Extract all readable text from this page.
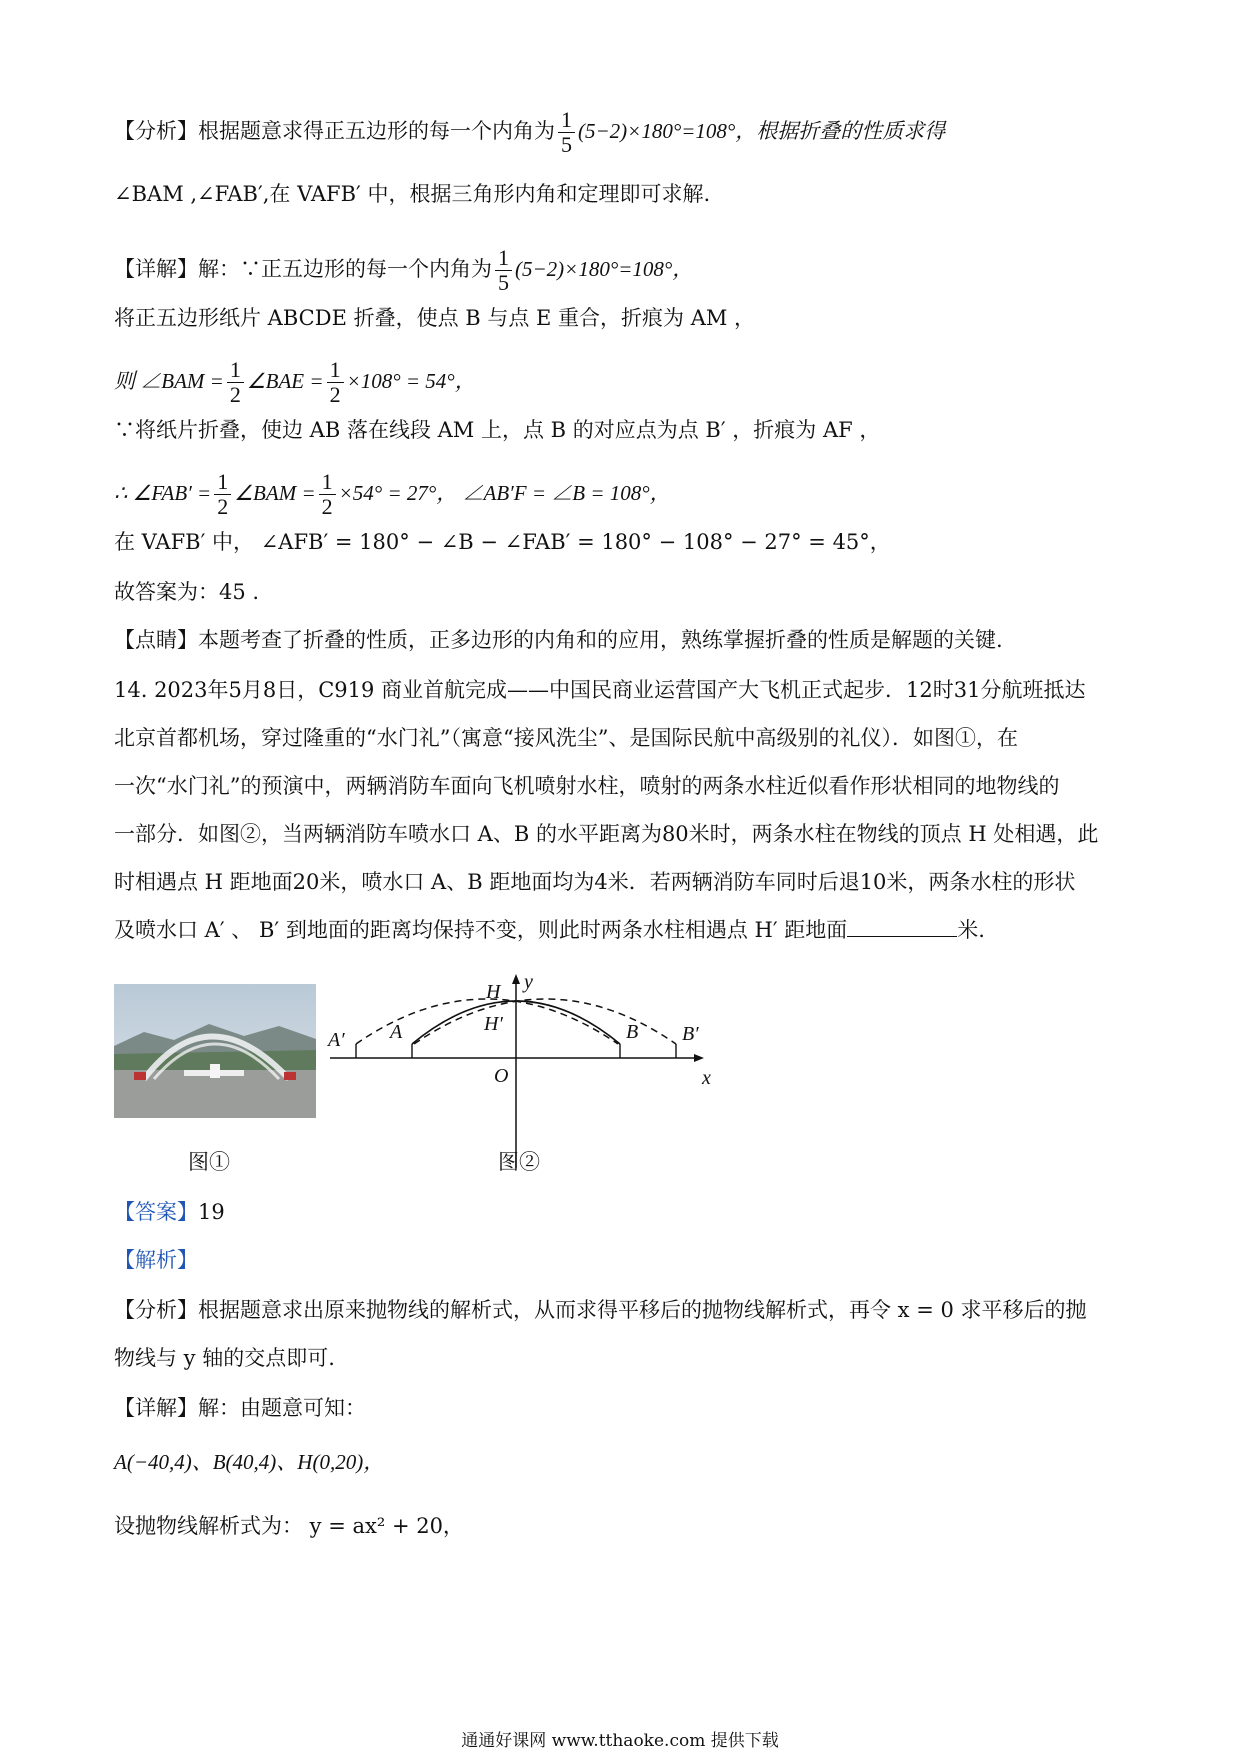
【分析】根据题意求得正五边形的每一个内角为 $\frac{1}{5} (5-2)\times 180^\circ=108^\circ$，根据折叠的性质求得
∠BAM ,∠FAB′,在 VAFB′ 中，根据三角形内角和定理即可求解.
【详解】解：∵正五边形的每一个内角为 $\frac{1}{5} (5-2)\times 180^\circ=108^\circ$，
将正五边形纸片 ABCDE 折叠，使点 B 与点 E 重合，折痕为 AM ，
则 ∠BAM = $\frac{1}{2}$ ∠BAE = $\frac{1}{2} \times 108^\circ = 54^\circ$，
∵将纸片折叠，使边 AB 落在线段 AM 上，点 B 的对应点为点 B′ ，折痕为 AF ，
∴ ∠FAB′ = $\frac{1}{2}$ ∠BAM = $\frac{1}{2} \times 54^\circ = 27^\circ$， ∠AB′F = ∠B = 108°，
在 VAFB′ 中， ∠AFB′ = 180° − ∠B − ∠FAB′ = 180° − 108° − 27° = 45°，
故答案为：45 .
【点睛】本题考查了折叠的性质，正多边形的内角和的应用，熟练掌握折叠的性质是解题的关键.
14. 2023年5月8日，C919 商业首航完成——中国民商业运营国产大飞机正式起步．12时31分航班抵达
北京首都机场，穿过隆重的“水门礼”（寓意“接风洗尘”、是国际民航中高级别的礼仪）．如图①，在
一次“水门礼”的预演中，两辆消防车面向飞机喷射水柱，喷射的两条水柱近似看作形状相同的地物线的
一部分．如图②，当两辆消防车喷水口 A、B 的水平距离为80米时，两条水柱在物线的顶点 H 处相遇，此
时相遇点 H 距地面20米，喷水口 A、B 距地面均为4米．若两辆消防车同时后退10米，两条水柱的形状
及喷水口 A′ 、 B′ 到地面的距离均保持不变，则此时两条水柱相遇点 H′ 距地面	米.
A′ A
H
H′
y
B B′
O	x
图①	图②
【答案】19
【解析】
【分析】根据题意求出原来抛物线的解析式，从而求得平移后的抛物线解析式，再令 x = 0 求平移后的抛
物线与 y 轴的交点即可.
【详解】解：由题意可知：
A(−40,4)、B(40,4)、H(0,20)，
设抛物线解析式为： y = ax² + 20，
通通好课网 www.tthaoke.com 提供下载
